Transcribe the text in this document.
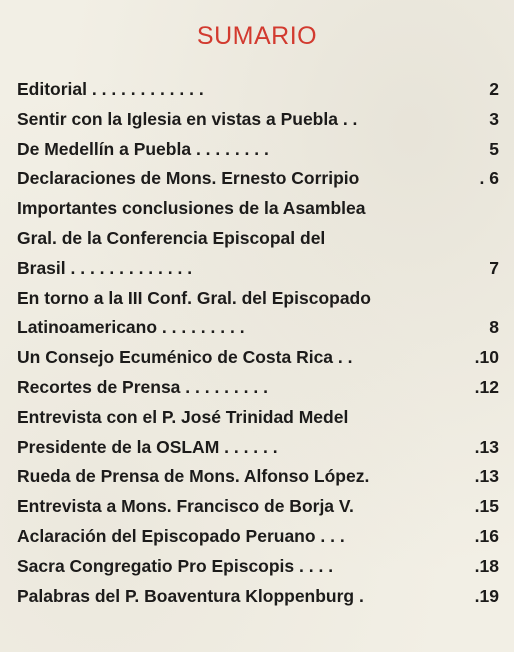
SUMARIO
Editorial . . . . . . . . . . . .	2
Sentir con la Iglesia en vistas a Puebla . .	3
De Medellín a Puebla . . . . . . . .	5
Declaraciones de Mons. Ernesto Corripio	. 6
Importantes conclusiones de la Asamblea
Gral. de la Conferencia Episcopal del
Brasil . . . . . . . . . . . . .	7
En torno a la III Conf. Gral. del Episcopado
Latinoamericano . . . . . . . . .	8
Un Consejo Ecuménico de Costa Rica . .	.10
Recortes de Prensa . . . . . . . . .	.12
Entrevista con el P. José Trinidad Medel
Presidente de la OSLAM . . . . . .	.13
Rueda de Prensa de Mons. Alfonso López.	.13
Entrevista a Mons. Francisco de Borja V.	.15
Aclaración del Episcopado Peruano . . .	.16
Sacra Congregatio Pro Episcopis . . . .	.18
Palabras del P. Boaventura Kloppenburg .	.19
